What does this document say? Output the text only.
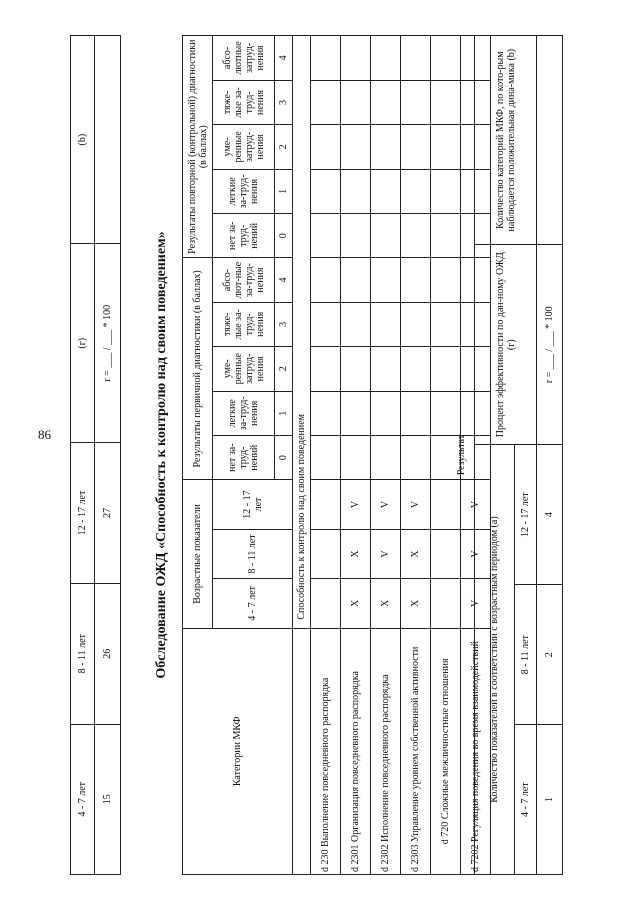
86
4 - 7 лет	8 - 11 лет	12 - 17 лет	(г)	(b)
15	26	27	r = ___ / ___ * 100		Обследование ОЖД «Способность к контролю над своим поведением»
Категории МКФ	Возрастные показатели			Результаты первичной диагностики (в баллах)					Результаты повторной (контрольной) диагностики (в баллах)				
	4 - 7 лет	8 - 11 лет	12 - 17 лет	нет за-труд-нений	легкие за-труд-нения	уме-ренные затруд-нения	тяже-лые за-труд-нения	абсо-лют-ные за-труд-нения	нет за-труд-нений	легкие за-труд-нения	уме-ренные затруд-нения	тяже-лые за-труд-нения	абсо-лютные затруд-нения
				0	1	2	3	4	0	1	2	3	4
	Способность к контролю над своим поведением												
d 230 Выполнение повседневного распорядка													
d 2301 Организация повседневного распорядка	X	X	V										
d 2302 Исполнение повседневного распорядка	X	V	V										
d 2303 Управление уровнем собственной активности	X	X	V										
d 720 Сложные межличностные отношения													
d 7202 Регуляция поведения во время взаимодействий	V	V	V										
Результат
Количество показателей в соответствии с возрастным периодом (а)			Процент эффективности по дан-ному ОЖД (г)	Количество категорий МКФ, по кото-рым наблюдается положительная дина-мика (b)
4 - 7 лет	8 - 11 лет	12 - 17 лет		
1	2	4	r = ___ / ___ * 100	
